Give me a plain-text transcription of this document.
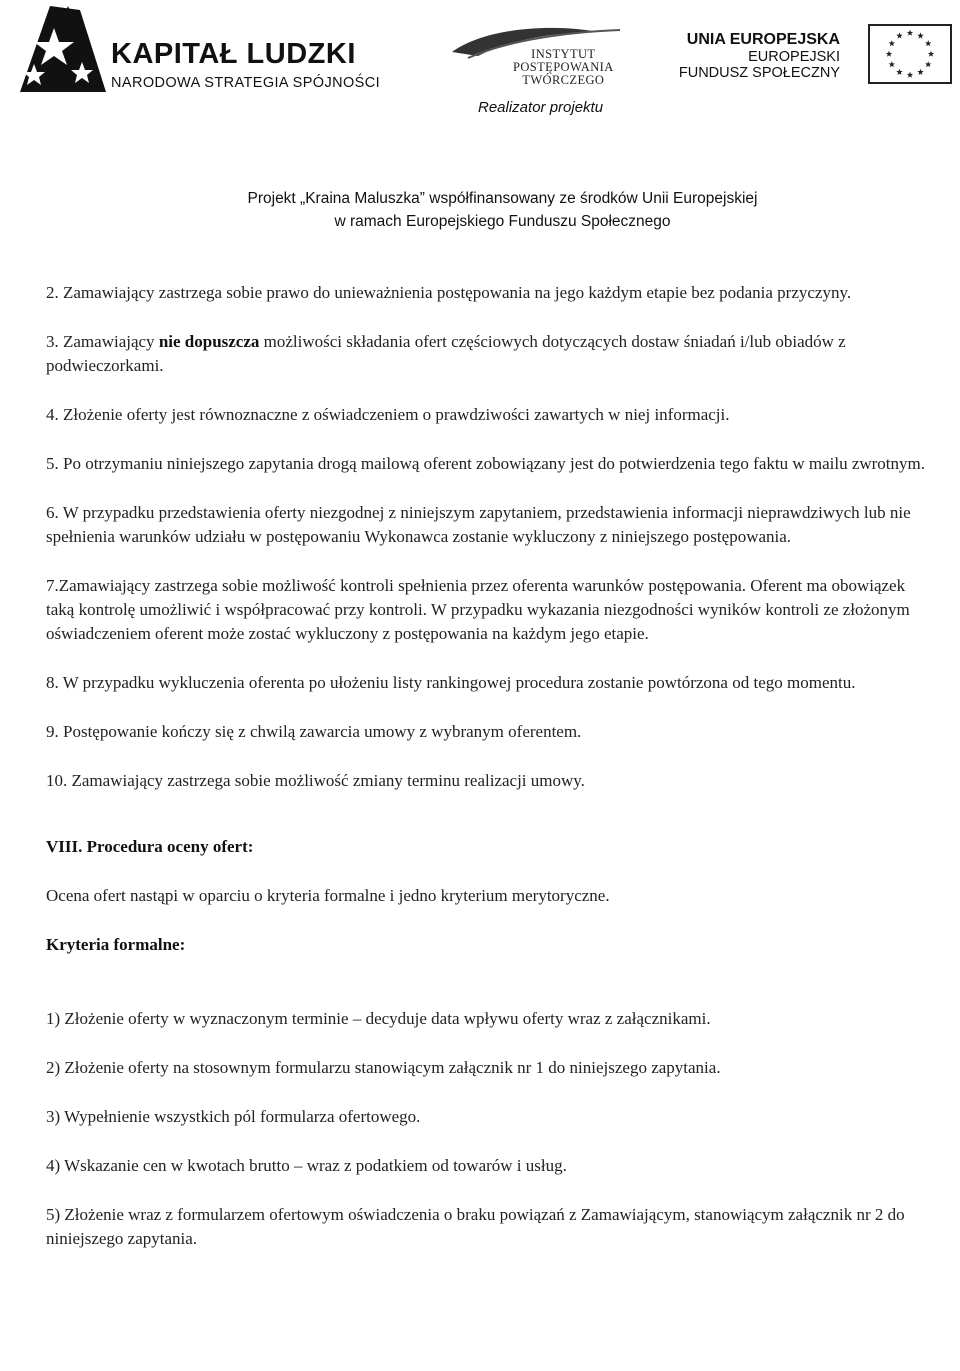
KAPITAŁ LUDZKI

NARODOWA STRATEGIA SPÓJNOŚCI

INSTYTUT
POSTĘPOWANIA
TWÓRCZEGO

Realizator projektu

UNIA EUROPEJSKA
EUROPEJSKI
FUNDUSZ SPOŁECZNY

Projekt „Kraina Maluszka” współfinansowany ze środków Unii Europejskiej

w ramach Europejskiego Funduszu Społecznego

2. Zamawiający zastrzega sobie prawo do unieważnienia postępowania na jego każdym etapie bez podania przyczyny.

3. Zamawiający nie dopuszcza możliwości składania ofert częściowych dotyczących dostaw śniadań i/lub obiadów z podwieczorkami.

4. Złożenie oferty jest równoznaczne z oświadczeniem o prawdziwości zawartych w niej informacji.

5. Po otrzymaniu niniejszego zapytania drogą mailową oferent zobowiązany jest do potwierdzenia tego faktu w mailu zwrotnym.

6. W przypadku przedstawienia oferty niezgodnej z niniejszym zapytaniem, przedstawienia informacji nieprawdziwych lub nie spełnienia warunków udziału w postępowaniu Wykonawca zostanie wykluczony z niniejszego postępowania.

7.Zamawiający zastrzega sobie możliwość kontroli spełnienia przez oferenta warunków postępowania. Oferent ma obowiązek taką kontrolę umożliwić i współpracować przy kontroli. W przypadku wykazania niezgodności wyników kontroli ze złożonym oświadczeniem oferent może zostać wykluczony z postępowania na każdym jego etapie.

8. W przypadku wykluczenia oferenta po ułożeniu listy rankingowej procedura zostanie powtórzona od tego momentu.

9. Postępowanie kończy się z chwilą zawarcia umowy z wybranym oferentem.

10. Zamawiający zastrzega sobie możliwość zmiany terminu realizacji umowy.

VIII. Procedura oceny ofert:

Ocena ofert nastąpi w oparciu o kryteria formalne i jedno kryterium merytoryczne.

Kryteria formalne:

1) Złożenie oferty w wyznaczonym terminie – decyduje data wpływu oferty wraz z załącznikami.

2) Złożenie oferty na stosownym formularzu stanowiącym załącznik nr 1 do niniejszego zapytania.

3) Wypełnienie wszystkich pól formularza ofertowego.

4) Wskazanie cen w kwotach brutto – wraz z podatkiem od towarów i usług.

5) Złożenie wraz z formularzem ofertowym oświadczenia o braku powiązań z Zamawiającym, stanowiącym załącznik nr 2 do niniejszego zapytania.
